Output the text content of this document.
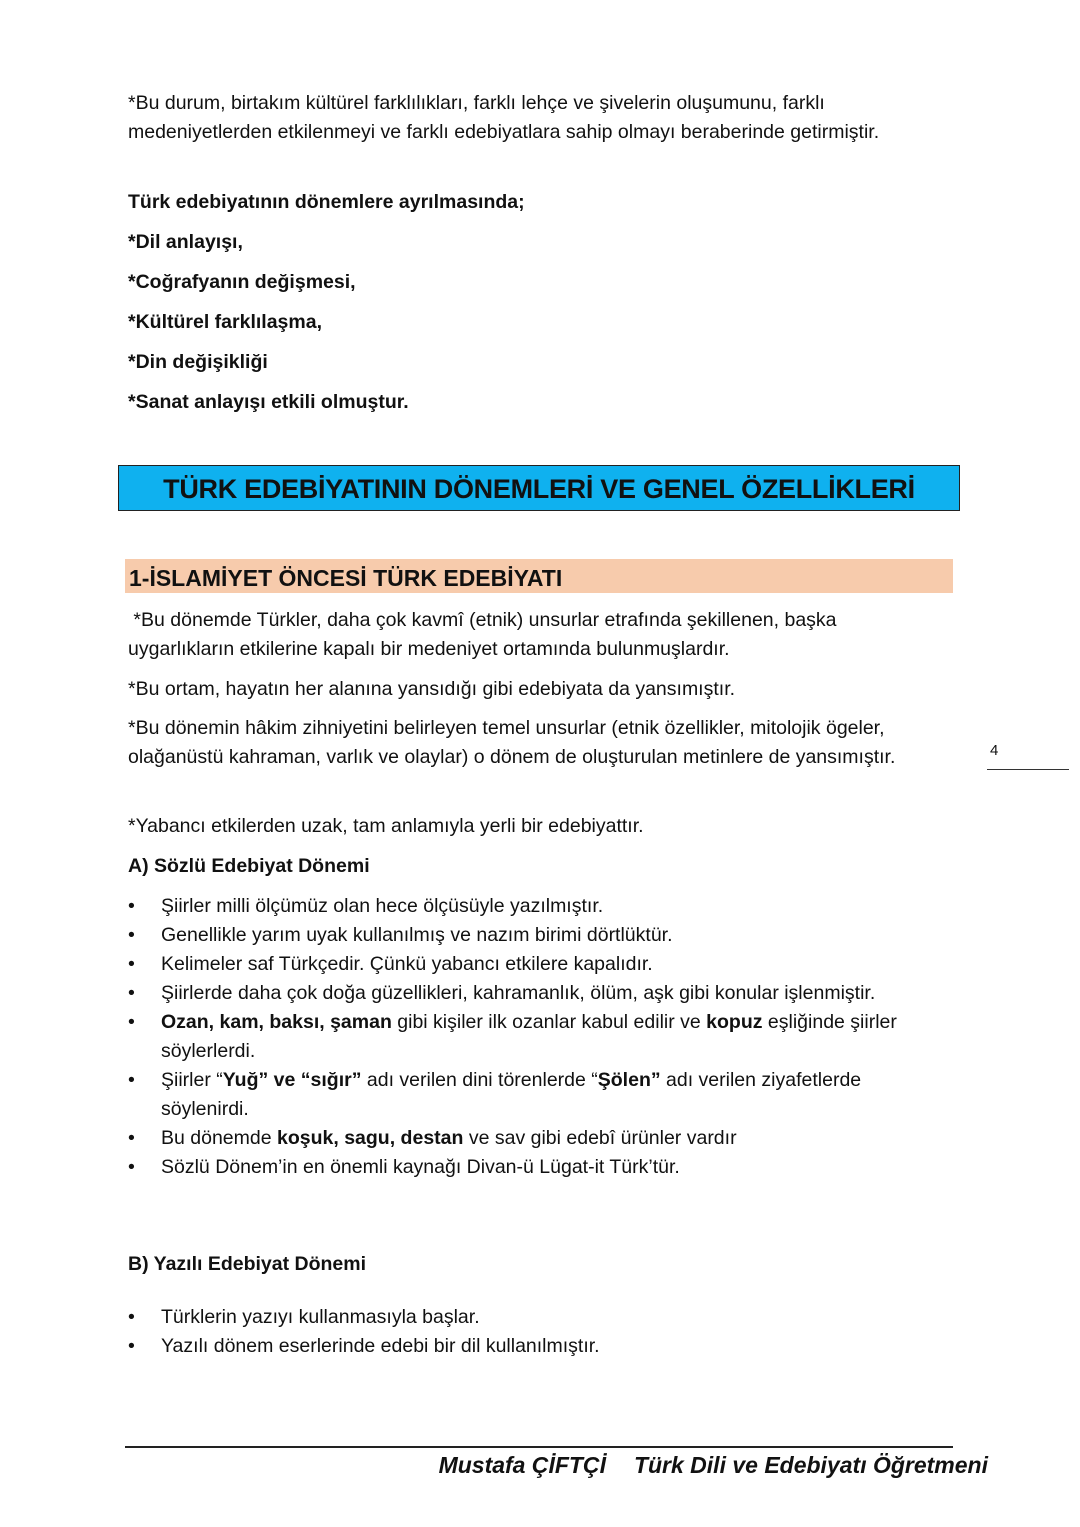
*Bu durum, birtakım kültürel farklılıkları, farklı lehçe ve şivelerin oluşumunu, farklı medeniyetlerden etkilenmeyi ve farklı edebiyatlara sahip olmayı beraberinde getirmiştir.

Türk edebiyatının dönemlere ayrılmasında;

*Dil anlayışı,

*Coğrafyanın değişmesi,

*Kültürel farklılaşma,

*Din değişikliği

*Sanat anlayışı etkili olmuştur.

TÜRK EDEBİYATININ DÖNEMLERİ VE GENEL ÖZELLİKLERİ
1-İSLAMİYET ÖNCESİ TÜRK EDEBİYATI

*Bu dönemde Türkler, daha çok kavmî (etnik) unsurlar etrafında şekillenen, başka uygarlıkların etkilerine kapalı bir medeniyet ortamında bulunmuşlardır.

*Bu ortam, hayatın her alanına yansıdığı gibi edebiyata da yansımıştır.

*Bu dönemin hâkim zihniyetini belirleyen temel unsurlar (etnik özellikler, mitolojik ögeler, olağanüstü kahraman, varlık ve olaylar) o dönem de oluşturulan metinlere de yansımıştır.

*Yabancı etkilerden uzak, tam anlamıyla yerli bir edebiyattır.

A) Sözlü Edebiyat Dönemi

•	Şiirler milli ölçümüz olan hece ölçüsüyle yazılmıştır.
•	Genellikle yarım uyak kullanılmış ve nazım birimi dörtlüktür.
•	Kelimeler saf Türkçedir. Çünkü yabancı etkilere kapalıdır.
•	Şiirlerde daha çok doğa güzellikleri, kahramanlık, ölüm, aşk gibi konular işlenmiştir.
•	Ozan, kam, baksı, şaman gibi kişiler ilk ozanlar kabul edilir ve kopuz eşliğinde şiirler söylerlerdi.
•	Şiirler “Yuğ” ve “sığır” adı verilen dini törenlerde “Şölen” adı verilen ziyafetlerde söylenirdi.
•	Bu dönemde koşuk, sagu, destan ve sav gibi edebî ürünler vardır
•	Sözlü Dönem’in en önemli kaynağı Divan-ü Lügat-it Türk’tür.

B) Yazılı Edebiyat Dönemi

•	Türklerin yazıyı kullanmasıyla başlar.
•	Yazılı dönem eserlerinde edebi bir dil kullanılmıştır.
4
Mustafa ÇİFTÇİ Türk Dili ve Edebiyatı Öğretmeni
